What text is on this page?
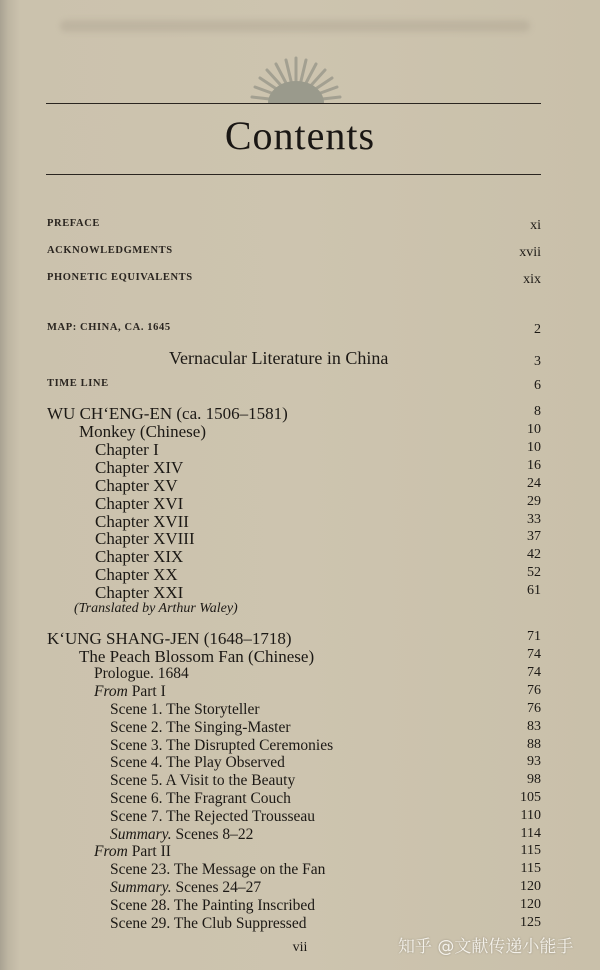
Contents
PREFACE	xi
ACKNOWLEDGMENTS	xvii
PHONETIC EQUIVALENTS	xix
MAP: CHINA, CA. 1645	2
Vernacular Literature in China	3
TIME LINE	6
WU CH‘ENG-EN (ca. 1506–1581)	8
Monkey (Chinese)	10
Chapter I	10
Chapter XIV	16
Chapter XV	24
Chapter XVI	29
Chapter XVII	33
Chapter XVIII	37
Chapter XIX	42
Chapter XX	52
Chapter XXI	61
(Translated by Arthur Waley)
K‘UNG SHANG-JEN (1648–1718)	71
The Peach Blossom Fan (Chinese)	74
Prologue. 1684	74
From Part I	76
Scene 1. The Storyteller	76
Scene 2. The Singing-Master	83
Scene 3. The Disrupted Ceremonies	88
Scene 4. The Play Observed	93
Scene 5. A Visit to the Beauty	98
Scene 6. The Fragrant Couch	105
Scene 7. The Rejected Trousseau	110
Summary. Scenes 8–22	114
From Part II	115
Scene 23. The Message on the Fan	115
Summary. Scenes 24–27	120
Scene 28. The Painting Inscribed	120
Scene 29. The Club Suppressed	125
vii	知乎 @文献传递小能手
